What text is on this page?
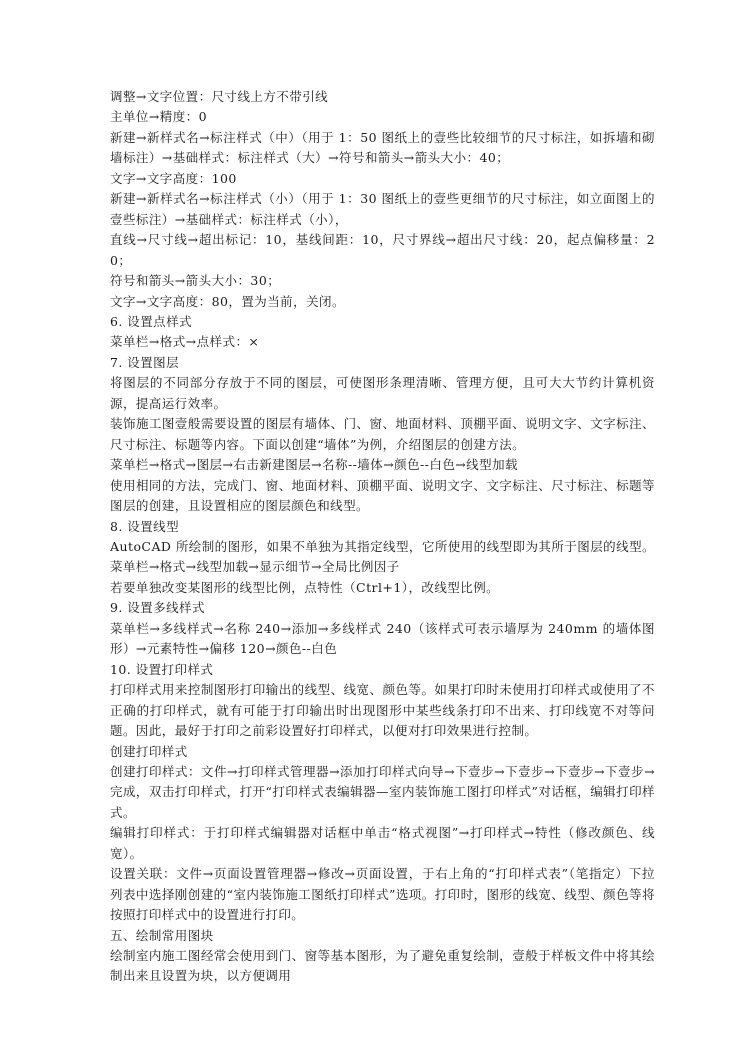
调整→文字位置：尺寸线上方不带引线

主单位→精度：0

新建→新样式名→标注样式（中）（用于 1：50 图纸上的壹些比较细节的尺寸标注，如拆墙和砌墙标注）→基础样式：标注样式（大）→符号和箭头→箭头大小：40；

文字→文字高度：100

新建→新样式名→标注样式（小）（用于 1：30 图纸上的壹些更细节的尺寸标注，如立面图上的壹些标注）→基础样式：标注样式（小），

直线→尺寸线→超出标记：10，基线间距：10，尺寸界线→超出尺寸线：20，起点偏移量：20；

符号和箭头→箭头大小：30；

文字→文字高度：80，置为当前，关闭。

6. 设置点样式

菜单栏→格式→点样式：×

7. 设置图层

将图层的不同部分存放于不同的图层，可使图形条理清晰、管理方便，且可大大节约计算机资源，提高运行效率。

装饰施工图壹般需要设置的图层有墙体、门、窗、地面材料、顶棚平面、说明文字、文字标注、尺寸标注、标题等内容。下面以创建“墙体”为例，介绍图层的创建方法。

菜单栏→格式→图层→右击新建图层→名称--墙体→颜色--白色→线型加载

使用相同的方法，完成门、窗、地面材料、顶棚平面、说明文字、文字标注、尺寸标注、标题等图层的创建，且设置相应的图层颜色和线型。

8. 设置线型

AutoCAD 所绘制的图形，如果不单独为其指定线型，它所使用的线型即为其所于图层的线型。

菜单栏→格式→线型加载→显示细节→全局比例因子

若要单独改变某图形的线型比例，点特性（Ctrl+1），改线型比例。

9. 设置多线样式

菜单栏→多线样式→名称 240→添加→多线样式 240（该样式可表示墙厚为 240mm 的墙体图形）→元素特性→偏移 120→颜色--白色

10. 设置打印样式

打印样式用来控制图形打印输出的线型、线宽、颜色等。如果打印时未使用打印样式或使用了不正确的打印样式，就有可能于打印输出时出现图形中某些线条打印不出来、打印线宽不对等问题。因此，最好于打印之前彩设置好打印样式，以便对打印效果进行控制。

创建打印样式

创建打印样式：文件→打印样式管理器→添加打印样式向导→下壹步→下壹步→下壹步→下壹步→完成，双击打印样式，打开“打印样式表编辑器—室内装饰施工图打印样式”对话框，编辑打印样式。

编辑打印样式：于打印样式编辑器对话框中单击“格式视图”→打印样式→特性（修改颜色、线宽）。

设置关联：文件→页面设置管理器→修改→页面设置，于右上角的“打印样式表”（笔指定）下拉列表中选择刚创建的“室内装饰施工图纸打印样式”选项。打印时，图形的线宽、线型、颜色等将按照打印样式中的设置进行打印。

五、绘制常用图块

绘制室内施工图经常会使用到门、窗等基本图形，为了避免重复绘制，壹般于样板文件中将其绘制出来且设置为块，以方便调用
